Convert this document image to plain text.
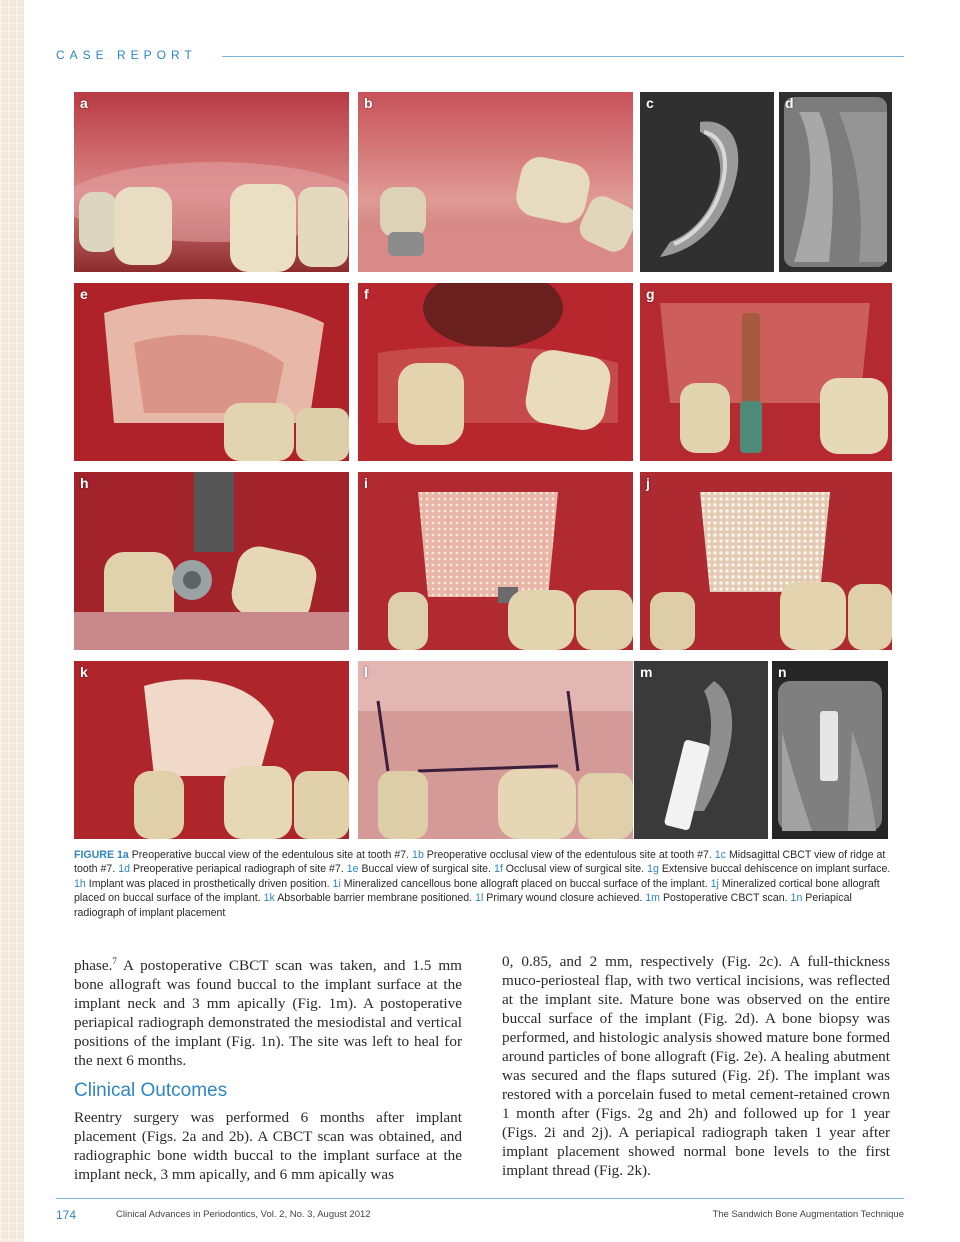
CASE REPORT
a	b	c	d
e	f	g
h	i	j
k	l	m	n
FIGURE 1a Preoperative buccal view of the edentulous site at tooth #7. 1b Preoperative occlusal view of the edentulous site at tooth #7. 1c Midsagittal CBCT view of ridge at tooth #7. 1d Preoperative periapical radiograph of site #7. 1e Buccal view of surgical site. 1f Occlusal view of surgical site. 1g Extensive buccal dehiscence on implant surface. 1h Implant was placed in prosthetically driven position. 1i Mineralized cancellous bone allograft placed on buccal surface of the implant. 1j Mineralized cortical bone allograft placed on buccal surface of the implant. 1k Absorbable barrier membrane positioned. 1l Primary wound closure achieved. 1m Postoperative CBCT scan. 1n Periapical radiograph of implant placement

phase.$^7$ A postoperative CBCT scan was taken, and 1.5 mm bone allograft was found buccal to the implant surface at the implant neck and 3 mm apically (Fig. 1m). A postoperative periapical radiograph demonstrated the mesiodistal and vertical positions of the implant (Fig. 1n). The site was left to heal for the next 6 months.

Clinical Outcomes

Reentry surgery was performed 6 months after implant placement (Figs. 2a and 2b). A CBCT scan was obtained, and radiographic bone width buccal to the implant surface at the implant neck, 3 mm apically, and 6 mm apically was

0, 0.85, and 2 mm, respectively (Fig. 2c). A full-thickness muco-periosteal flap, with two vertical incisions, was reflected at the implant site. Mature bone was observed on the entire buccal surface of the implant (Fig. 2d). A bone biopsy was performed, and histologic analysis showed mature bone formed around particles of bone allograft (Fig. 2e). A healing abutment was secured and the flaps sutured (Fig. 2f). The implant was restored with a porcelain fused to metal cement-retained crown 1 month after (Figs. 2g and 2h) and followed up for 1 year (Figs. 2i and 2j). A periapical radiograph taken 1 year after implant placement showed normal bone levels to the first implant thread (Fig. 2k).

174	Clinical Advances in Periodontics, Vol. 2, No. 3, August 2012	The Sandwich Bone Augmentation Technique
